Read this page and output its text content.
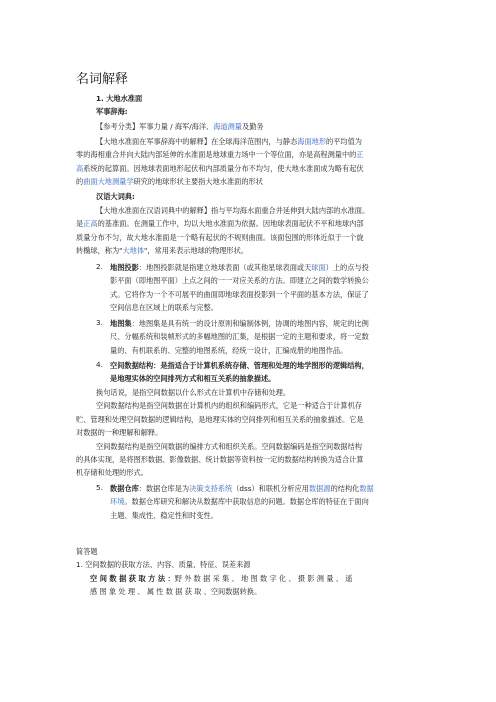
名词解释
1. 大地水准面
军事辞海:
【参考分类】军事力量 / 海军/海洋、海道测量及勤务
【大地水准面在军事辞海中的解释】在全球海洋范围内，与静态海面地形的平均值为
零的海相重合并向大陆内部延伸的水准面是地球重力场中一个等位面，亦是高程测量中的正
高系统的起算面。因地球表面地形起伏和内部质量分布不均匀，使大地水准面成为略有起伏
的曲面大地测量学研究的地球形状主要指大地水准面的形状
汉语大词典:
【大地水准面在汉语词典中的解释】指与平均海水面重合并延伸到大陆内部的水准面。
是正高的基准面。在测量工作中，均以大地水准面为依据。因地球表面起伏不平和地球内部
质量分布不匀，故大地水准面是一个略有起伏的不规则曲面。该面包围的形体近似于一个旋
转椭球，称为"大地体"，常用来表示地球的物理形状。
2. 地图投影：地图投影就是指建立地球表面（或其他星球表面或天球面）上的点与投
影平面（即地图平面）上点之间的一一对应关系的方法。即建立之间的数学转换公
式。它将作为一个不可展平的曲面即地球表面投影到一个平面的基本方法，保证了
空间信息在区域上的联系与完整。
3. 地图集：地图集是具有统一的设计原则和编制体例，协调的地图内容，规定的比例
尺、分幅系统和装帧形式的多幅地图的汇集，是根据一定的主题和要求，将一定数
量的、有机联系的、完整的地图系统，经统一设计，汇编成册的地图作品。
4. 空间数据结构：是指适合于计算机系统存储、管理和处理的地学图形的逻辑结构，
是地理实体的空间排列方式和相互关系的抽象描述。
换句话说，是指空间数据以什么形式在计算机中存储和处理。
空间数据结构是指空间数据在计算机内的组织和编码形式，它是一种适合于计算机存
贮、管理和处理空间数据的逻辑结构，是地理实体的空间排列和相互关系的抽象描述。它是
对数据的一种理解和解释。
空间数据结构是指空间数据的编排方式和组织关系。空间数据编码是指空间数据结构
的具体实现，是将图形数据、影像数据、统计数据等资料按一定的数据结构转换为适合计算
机存储和处理的形式。
5. 数据仓库：数据仓库是为决策支持系统（dss）和联机分析应用数据源的结构化数据
环境。数据仓库研究和解决从数据库中获取信息的问题。数据仓库的特征在于面向
主题、集成性、稳定性和时变性。
简答题
1. 空间数据的获取方法、内容、质量、特征、误差来源
空 间 数 据 获 取 方 法 ：野 外 数 据 采 集 、 地 图 数 字 化 、 摄 影 测 量 、 遥
感 图 象 处 理 、 属 性 数 据 获 取 、空间数据转换。
